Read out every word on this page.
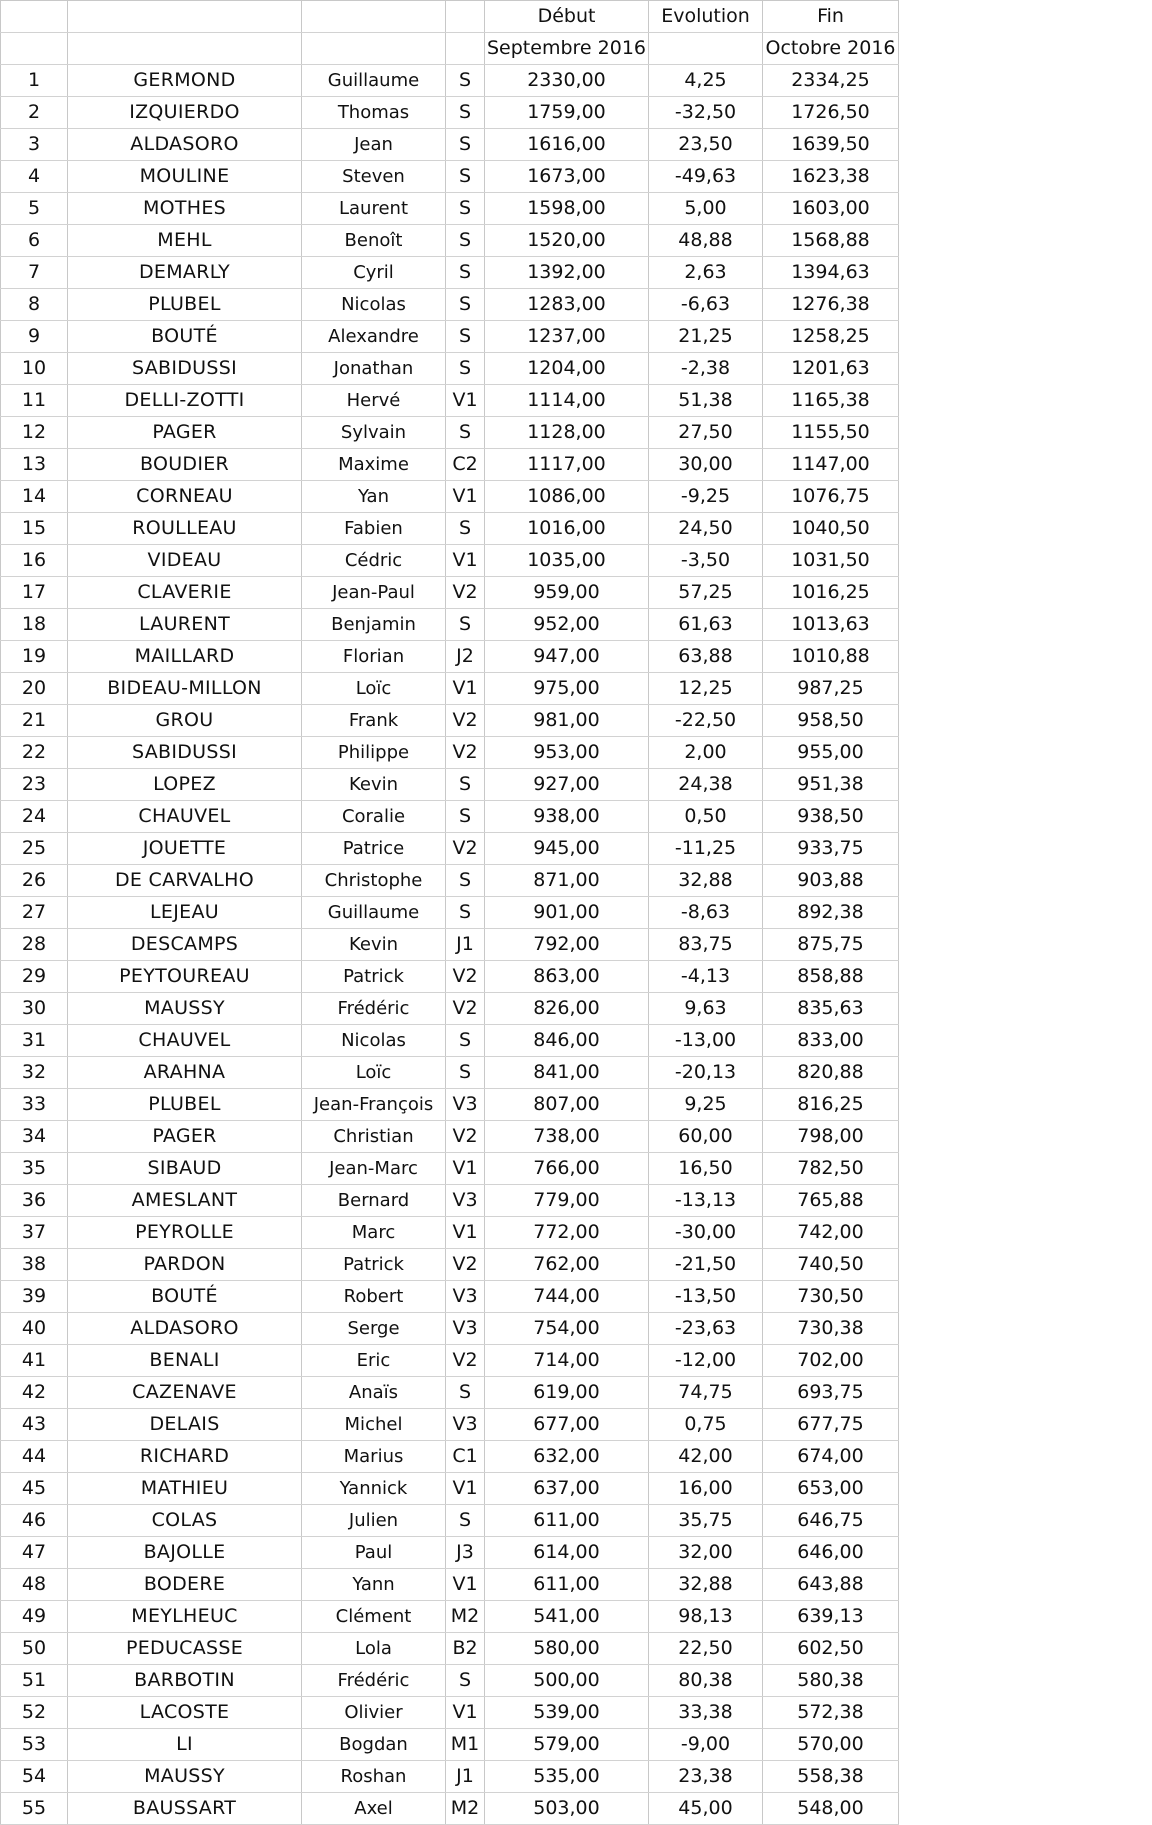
				Début	Evolution	Fin
				Septembre 2016		Octobre 2016
1	GERMOND	Guillaume	S	2330,00	4,25	2334,25
2	IZQUIERDO	Thomas	S	1759,00	-32,50	1726,50
3	ALDASORO	Jean	S	1616,00	23,50	1639,50
4	MOULINE	Steven	S	1673,00	-49,63	1623,38
5	MOTHES	Laurent	S	1598,00	5,00	1603,00
6	MEHL	Benoît	S	1520,00	48,88	1568,88
7	DEMARLY	Cyril	S	1392,00	2,63	1394,63
8	PLUBEL	Nicolas	S	1283,00	-6,63	1276,38
9	BOUTÉ	Alexandre	S	1237,00	21,25	1258,25
10	SABIDUSSI	Jonathan	S	1204,00	-2,38	1201,63
11	DELLI-ZOTTI	Hervé	V1	1114,00	51,38	1165,38
12	PAGER	Sylvain	S	1128,00	27,50	1155,50
13	BOUDIER	Maxime	C2	1117,00	30,00	1147,00
14	CORNEAU	Yan	V1	1086,00	-9,25	1076,75
15	ROULLEAU	Fabien	S	1016,00	24,50	1040,50
16	VIDEAU	Cédric	V1	1035,00	-3,50	1031,50
17	CLAVERIE	Jean-Paul	V2	959,00	57,25	1016,25
18	LAURENT	Benjamin	S	952,00	61,63	1013,63
19	MAILLARD	Florian	J2	947,00	63,88	1010,88
20	BIDEAU-MILLON	Loïc	V1	975,00	12,25	987,25
21	GROU	Frank	V2	981,00	-22,50	958,50
22	SABIDUSSI	Philippe	V2	953,00	2,00	955,00
23	LOPEZ	Kevin	S	927,00	24,38	951,38
24	CHAUVEL	Coralie	S	938,00	0,50	938,50
25	JOUETTE	Patrice	V2	945,00	-11,25	933,75
26	DE CARVALHO	Christophe	S	871,00	32,88	903,88
27	LEJEAU	Guillaume	S	901,00	-8,63	892,38
28	DESCAMPS	Kevin	J1	792,00	83,75	875,75
29	PEYTOUREAU	Patrick	V2	863,00	-4,13	858,88
30	MAUSSY	Frédéric	V2	826,00	9,63	835,63
31	CHAUVEL	Nicolas	S	846,00	-13,00	833,00
32	ARAHNA	Loïc	S	841,00	-20,13	820,88
33	PLUBEL	Jean-François	V3	807,00	9,25	816,25
34	PAGER	Christian	V2	738,00	60,00	798,00
35	SIBAUD	Jean-Marc	V1	766,00	16,50	782,50
36	AMESLANT	Bernard	V3	779,00	-13,13	765,88
37	PEYROLLE	Marc	V1	772,00	-30,00	742,00
38	PARDON	Patrick	V2	762,00	-21,50	740,50
39	BOUTÉ	Robert	V3	744,00	-13,50	730,50
40	ALDASORO	Serge	V3	754,00	-23,63	730,38
41	BENALI	Eric	V2	714,00	-12,00	702,00
42	CAZENAVE	Anaïs	S	619,00	74,75	693,75
43	DELAIS	Michel	V3	677,00	0,75	677,75
44	RICHARD	Marius	C1	632,00	42,00	674,00
45	MATHIEU	Yannick	V1	637,00	16,00	653,00
46	COLAS	Julien	S	611,00	35,75	646,75
47	BAJOLLE	Paul	J3	614,00	32,00	646,00
48	BODERE	Yann	V1	611,00	32,88	643,88
49	MEYLHEUC	Clément	M2	541,00	98,13	639,13
50	PEDUCASSE	Lola	B2	580,00	22,50	602,50
51	BARBOTIN	Frédéric	S	500,00	80,38	580,38
52	LACOSTE	Olivier	V1	539,00	33,38	572,38
53	LI	Bogdan	M1	579,00	-9,00	570,00
54	MAUSSY	Roshan	J1	535,00	23,38	558,38
55	BAUSSART	Axel	M2	503,00	45,00	548,00
